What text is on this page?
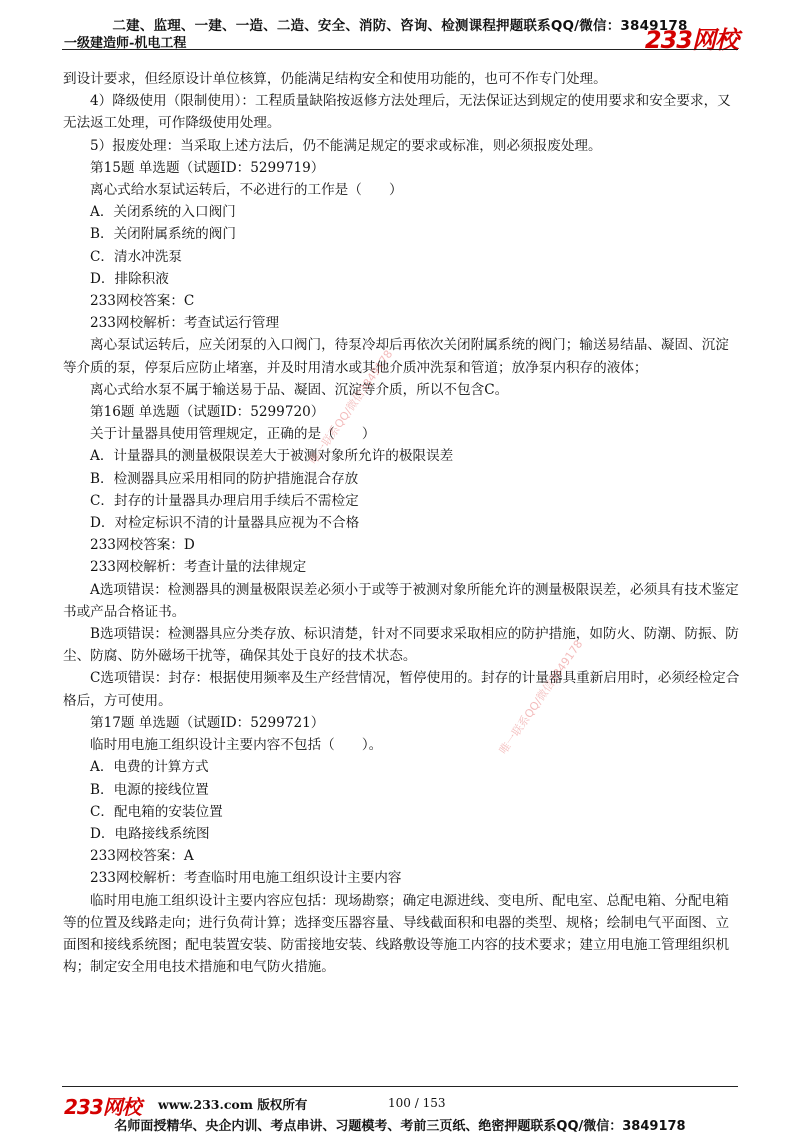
二建、监理、一建、一造、二造、安全、消防、咨询、检测课程押题联系QQ/微信：3849178
一级建造师-机电工程	233网校

到设计要求，但经原设计单位核算，仍能满足结构安全和使用功能的，也可不作专门处理。

4）降级使用（限制使用）：工程质量缺陷按返修方法处理后，无法保证达到规定的使用要求和安全要求，又无法返工处理，可作降级使用处理。

5）报废处理：当采取上述方法后，仍不能满足规定的要求或标准，则必须报废处理。

第15题 单选题（试题ID：5299719）

离心式给水泵试运转后，不必进行的工作是（　　）

A．关闭系统的入口阀门

B．关闭附属系统的阀门

C．清水冲洗泵

D．排除积液

233网校答案：C

233网校解析：考查试运行管理

离心泵试运转后，应关闭泵的入口阀门，待泵冷却后再依次关闭附属系统的阀门；输送易结晶、凝固、沉淀等介质的泵，停泵后应防止堵塞，并及时用清水或其他介质冲洗泵和管道；放净泵内积存的液体；

离心式给水泵不属于输送易于品、凝固、沉淀等介质，所以不包含C。

第16题 单选题（试题ID：5299720）

关于计量器具使用管理规定，正确的是（　　）

A．计量器具的测量极限误差大于被测对象所允许的极限误差

B．检测器具应采用相同的防护措施混合存放

C．封存的计量器具办理启用手续后不需检定

D．对检定标识不清的计量器具应视为不合格

233网校答案：D

233网校解析：考查计量的法律规定

A选项错误：检测器具的测量极限误差必须小于或等于被测对象所能允许的测量极限误差，必须具有技术鉴定书或产品合格证书。

B选项错误：检测器具应分类存放、标识清楚，针对不同要求采取相应的防护措施，如防火、防潮、防振、防尘、防腐、防外磁场干扰等，确保其处于良好的技术状态。

C选项错误：封存：根据使用频率及生产经营情况，暂停使用的。封存的计量器具重新启用时，必须经检定合格后，方可使用。

第17题 单选题（试题ID：5299721）

临时用电施工组织设计主要内容不包括（　　）。

A．电费的计算方式

B．电源的接线位置

C．配电箱的安装位置

D．电路接线系统图

233网校答案：A

233网校解析：考查临时用电施工组织设计主要内容

临时用电施工组织设计主要内容应包括：现场勘察；确定电源进线、变电所、配电室、总配电箱、分配电箱等的位置及线路走向；进行负荷计算；选择变压器容量、导线截面积和电器的类型、规格；绘制电气平面图、立面图和接线系统图；配电装置安装、防雷接地安装、线路敷设等施工内容的技术要求；建立用电施工管理组织机构；制定安全用电技术措施和电气防火措施。

唯一联系QQ/微信3849178
唯一联系QQ/微信3849178
233网校 www.233.com 版权所有	100 / 153
名师面授精华、央企内训、考点串讲、习题模考、考前三页纸、绝密押题联系QQ/微信：3849178
